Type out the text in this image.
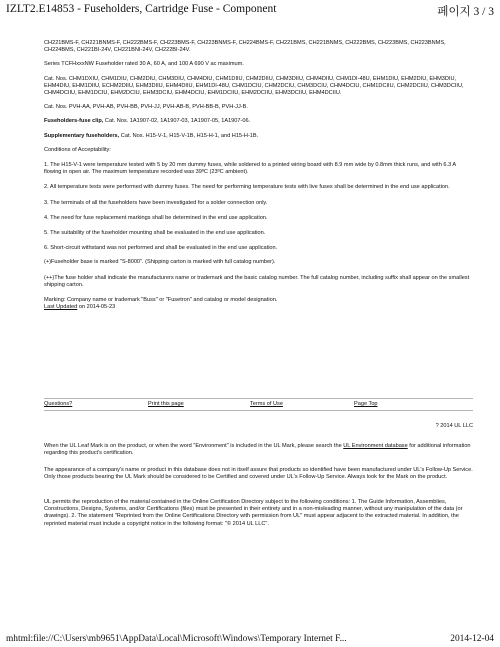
IZLT2.E14853 - Fuseholders, Cartridge Fuse - Component	페이지 3 / 3

CH221BMS-F, CH221BNMS-F, CH222BMS-F, CH223BMS-F, CH223BNMS-F, CH224BMS-F, CH221BMS, CH221BNMS, CH222BMS, CH223BMS, CH223BNMS, CH224BMS, CH221BI-24V, CH221BNI-24V, CH222BI-24V.

Series TCFHxxxNW Fuseholder rated 30 A, 60 A, and 100 A 690 V ac maximum.

Cat. Nos. CHM1DXIU, CHM1DIU, CHM2DIU, CHM3DIU, CHM4DIU, CHM1DIIU, CHM2DIIU, CHM3DIIU, CHM4DIIU, CHM1DI-48U, EHM1DIU, EHM2DIU, EHM3DIU, EHM4DIU, EHM1DIIU, ECHM2DIIU, EHM3DIIU, EHM4DIIU, EHM1DI-48U, CHM1DCIU, CHM2DCIU, CHM3DCIU, CHM4DCIU, CHM1DCIIU, CHM2DCIIU, CHM3DCIIU, CHM4DCIIU, EHM1DCIU, EHM2DCIU, EHM3DCIU, EHM4DCIU, EHM1DCIIU, EHM2DCIIU, EHM3DCIIU, EHM4DCIIU.

Cat. Nos. PVH-AA, PVH-AB, PVH-BB, PVH-JJ, PVH-AB-B, PVH-BB-B, PVH-JJ-B.

Fuseholders-fuse clip, Cat. Nos. 1A1907-02, 1A1907-03, 1A1907-05, 1A1907-06.

Supplementary fuseholders, Cat. Nos. H15-V-1, H15-V-1B, H15-H-1, and H15-H-1B.

Conditions of Acceptability:

1. The H15-V-1 were temperature tested with 5 by 20 mm dummy fuses, while soldered to a printed wiring board with 8.9 mm wide by 0.8mm thick runs, and with 6.3 A flowing in open air. The maximum temperature recorded was 39ºC (23ºC ambient).

2. All temperature tests were performed with dummy fuses. The need for performing temperature tests with live fuses shall be determined in the end use application.

3. The terminals of all the fuseholders have been investigated for a solder connection only.

4. The need for fuse replacement markings shall be determined in the end use application.

5. The suitability of the fuseholder mounting shall be evaluated in the end use application.

6. Short-circuit withstand was not performed and shall be evaluated in the end use application.

(+)Fuseholder base is marked "S-8000". (Shipping carton is marked with full catalog number).

(++)The fuse holder shall indicate the manufacturers name or trademark and the basic catalog number. The full catalog number, including suffix shall appear on the smallest shipping carton.

Marking: Company name or trademark "Buss" or "Fusetron" and catalog or model designation.

Last Updated on 2014-05-23

Questions?	Print this page	Terms of Use	Page Top
? 2014 UL LLC
When the UL Leaf Mark is on the product, or when the word "Environment" is included in the UL Mark, please search the UL Environment database for additional information regarding this product's certification.
The appearance of a company's name or product in this database does not in itself assure that products so identified have been manufactured under UL's Follow-Up Service. Only those products bearing the UL Mark should be considered to be Certified and covered under UL's Follow-Up Service. Always look for the Mark on the product.
UL permits the reproduction of the material contained in the Online Certification Directory subject to the following conditions: 1. The Guide Information, Assemblies, Constructions, Designs, Systems, and/or Certifications (files) must be presented in their entirety and in a non-misleading manner, without any manipulation of the data (or drawings). 2. The statement "Reprinted from the Online Certifications Directory with permission from UL" must appear adjacent to the extracted material. In addition, the reprinted material must include a copyright notice in the following format: "© 2014 UL LLC".
mhtml:file://C:\Users\mb9651\AppData\Local\Microsoft\Windows\Temporary Internet F...	2014-12-04
